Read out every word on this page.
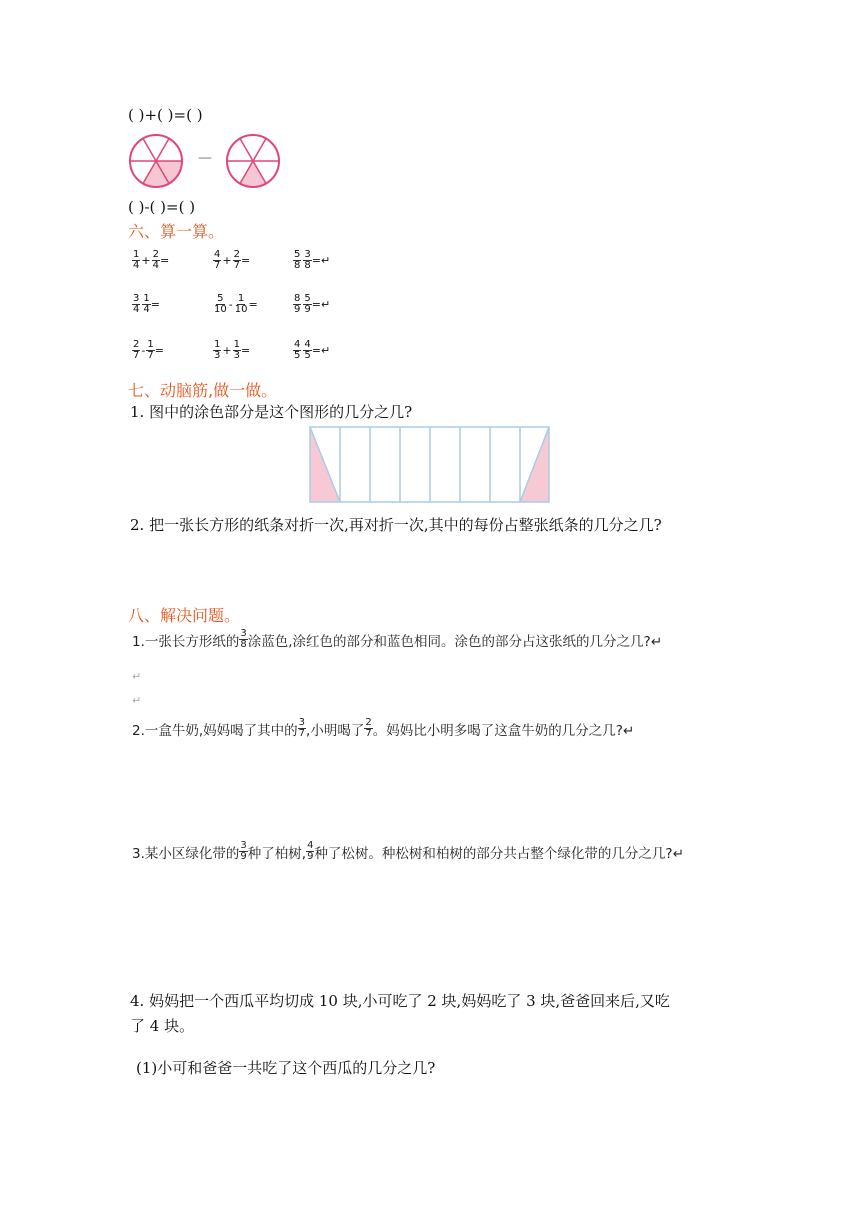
( )+( )=( )
—
( )-( )=( )
六、算一算。
$\frac{1}{4} + \frac{2}{4}$ =	$\frac{4}{7} + \frac{2}{7}$ =	$\frac{5}{8} \frac{3}{8}$ =↵
$\frac{3}{4} \frac{1}{4}$ =	$\frac{5}{10} - \frac{1}{10}$ =	$\frac{8}{9} \frac{5}{9}$ =↵
$\frac{2}{7} - \frac{1}{7}$ =	$\frac{1}{3} + \frac{1}{3}$ =	$\frac{4}{5} \frac{4}{5}$ =↵
七、动脑筋,做一做。
1. 图中的涂色部分是这个图形的几分之几?
2. 把一张长方形的纸条对折一次,再对折一次,其中的每份占整张纸条的几分之几?
八、解决问题。
1.一张长方形纸的 $\frac{3}{8}$ 涂蓝色,涂红色的部分和蓝色相同。涂色的部分占这张纸的几分之几?↵
↵
↵
2.一盒牛奶,妈妈喝了其中的 $\frac{3}{7}$ ,小明喝了 $\frac{2}{7}$ 。妈妈比小明多喝了这盒牛奶的几分之几?↵
3.某小区绿化带的 $\frac{3}{9}$ 种了柏树, $\frac{4}{9}$ 种了松树。种松树和柏树的部分共占整个绿化带的几分之几?↵
4. 妈妈把一个西瓜平均切成 10 块,小可吃了 2 块,妈妈吃了 3 块,爸爸回来后,又吃
了 4 块。
(1)小可和爸爸一共吃了这个西瓜的几分之几?
